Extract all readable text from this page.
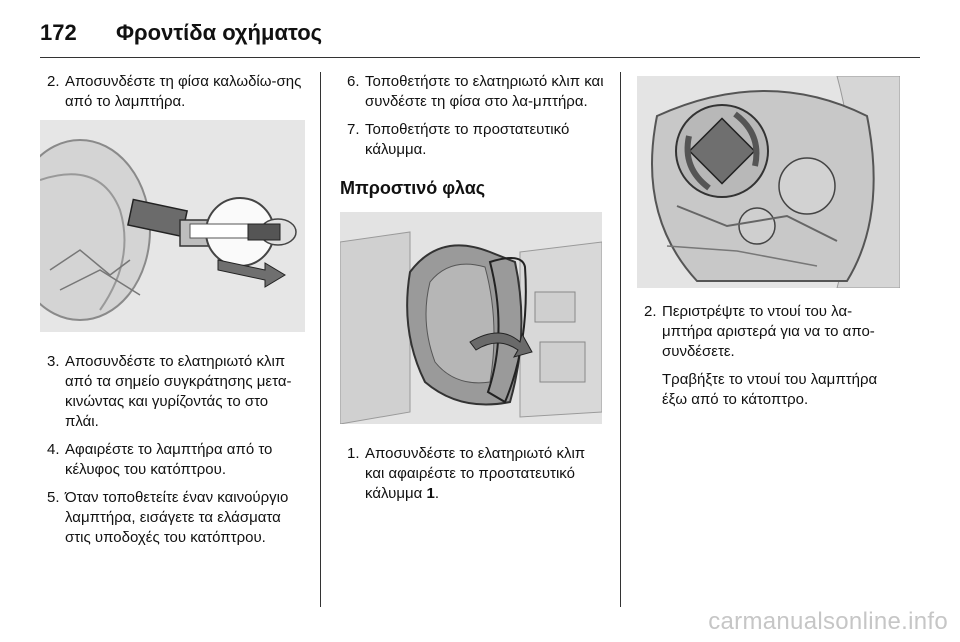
172 Φροντίδα οχήματος
2. Αποσυνδέστε τη φίσα καλωδίω-σης από το λαμπτήρα.
3. Αποσυνδέστε το ελατηριωτό κλιπ από τα σημείο συγκράτησης μετα-κινώντας και γυρίζοντάς το στο πλάι.
4. Αφαιρέστε το λαμπτήρα από το κέλυφος του κατόπτρου.
5. Όταν τοποθετείτε έναν καινούργιο λαμπτήρα, εισάγετε τα ελάσματα στις υποδοχές του κατόπτρου.
6. Τοποθετήστε το ελατηριωτό κλιπ και συνδέστε τη φίσα στο λα-μπτήρα.
7. Τοποθετήστε το προστατευτικό κάλυμμα.
Μπροστινό φλας
1. Αποσυνδέστε το ελατηριωτό κλιπ και αφαιρέστε το προστατευτικό κάλυμμα 1.
2. Περιστρέψτε το ντουί του λα-μπτήρα αριστερά για να το απο-συνδέσετε.
Τραβήξτε το ντουί του λαμπτήρα έξω από το κάτοπτρο.
carmanualsonline.info
